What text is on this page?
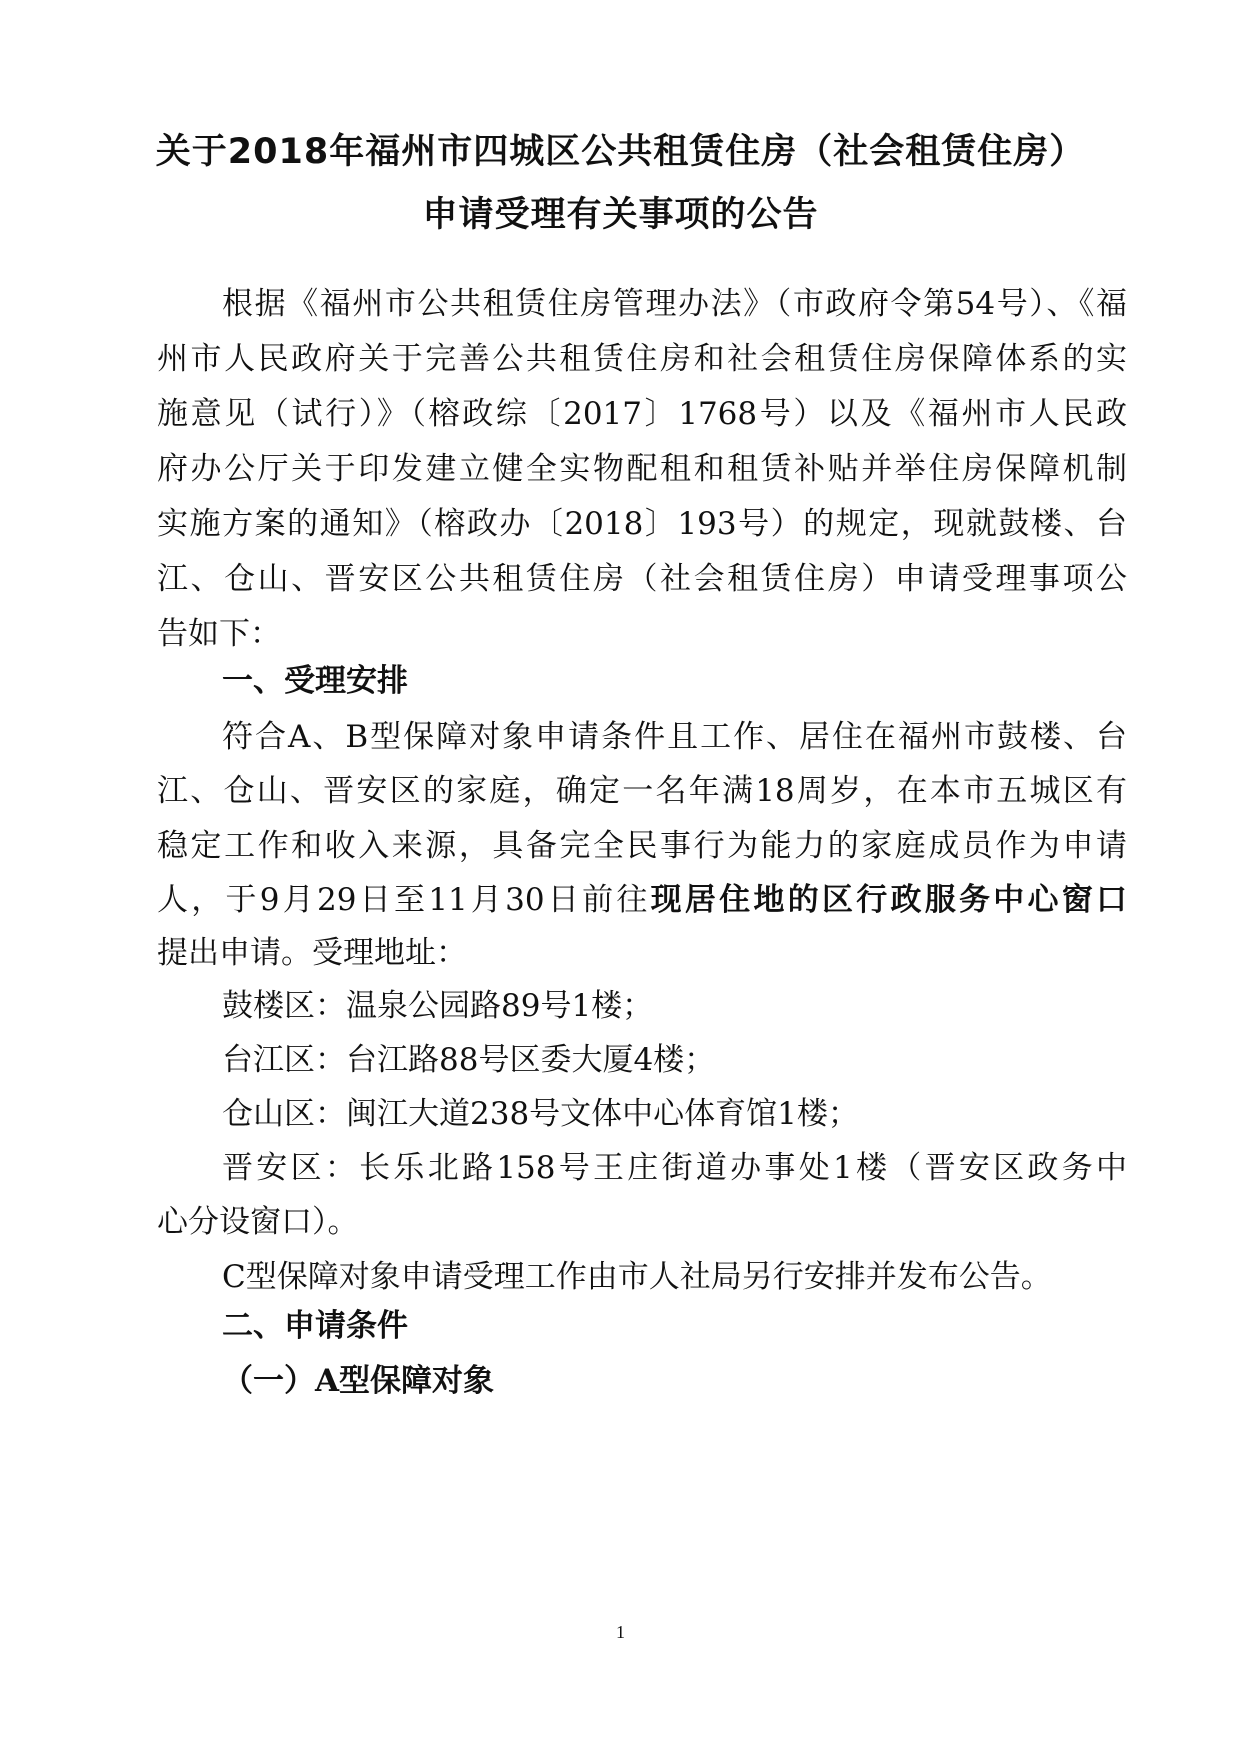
关于2018年福州市四城区公共租赁住房（社会租赁住房）
申请受理有关事项的公告
根据《福州市公共租赁住房管理办法》（市政府令第54号）、《福
州市人民政府关于完善公共租赁住房和社会租赁住房保障体系的实
施意见（试行）》（榕政综〔2017〕1768号）以及《福州市人民政
府办公厅关于印发建立健全实物配租和租赁补贴并举住房保障机制
实施方案的通知》（榕政办〔2018〕193号）的规定，现就鼓楼、台
江、仓山、晋安区公共租赁住房（社会租赁住房）申请受理事项公
告如下：
一、受理安排
符合A、B型保障对象申请条件且工作、居住在福州市鼓楼、台
江、仓山、晋安区的家庭，确定一名年满18周岁，在本市五城区有
稳定工作和收入来源，具备完全民事行为能力的家庭成员作为申请
人，于9月29日至11月30日前往现居住地的区行政服务中心窗口
提出申请。受理地址：
鼓楼区：温泉公园路89号1楼；
台江区：台江路88号区委大厦4楼；
仓山区：闽江大道238号文体中心体育馆1楼；
晋安区：长乐北路158号王庄街道办事处1楼（晋安区政务中
心分设窗口）。
C型保障对象申请受理工作由市人社局另行安排并发布公告。
二、申请条件
（一）A型保障对象
1
